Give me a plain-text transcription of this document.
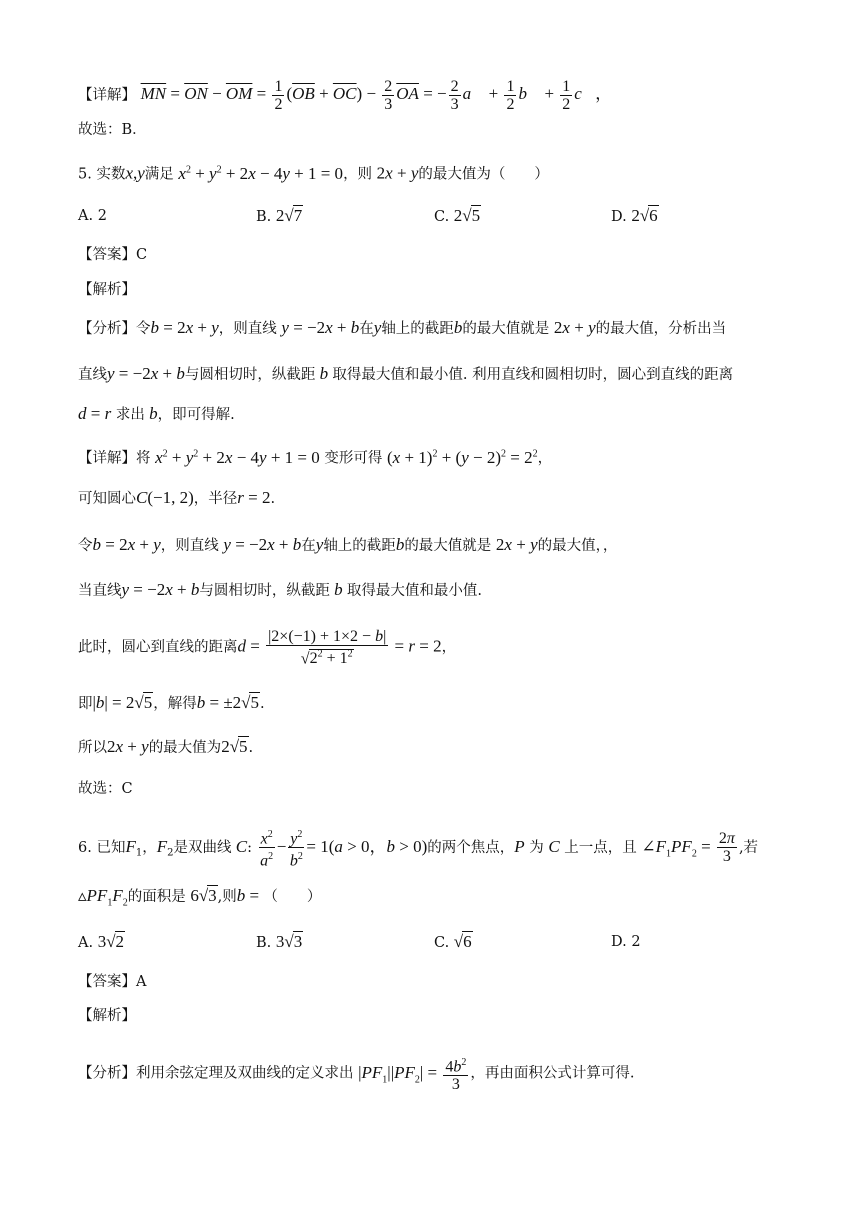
【详解】 $\overline{MN} = \overline{ON} - \overline{OM} = \frac{1}{2} (\overline{OB} + \overline{OC}) - \frac{2}{3} \overline{OA}$ = − $\frac{2}{3}$ a⃗ + $\frac{1}{2}$ b⃗ + $\frac{1}{2}$ c⃗，
故选：B．
5. 实数x,y满足 $x^2 + y^2 + 2x - 4y + 1 = 0$，则 2x + y的最大值为（　　）
A. 2	B. 2√7	C. 2√5	D. 2√6
【答案】C
【解析】
【分析】令b = 2x + y，则直线 y = −2x + b在y轴上的截距b的最大值就是 2x + y的最大值，分析出当
直线y = −2x + b与圆相切时，纵截距 b 取得最大值和最小值. 利用直线和圆相切时，圆心到直线的距离
d = r 求出 b，即可得解.
【详解】将 $x^2 + y^2 + 2x - 4y + 1 = 0$ 变形可得 $(x + 1)^2 + (y - 2)^2 = 2^2$，
可知圆心C(−1, 2)，半径r = 2.
令b = 2x + y，则直线 y = −2x + b在y轴上的截距b的最大值就是 2x + y的最大值，，
当直线y = −2x + b与圆相切时，纵截距 b 取得最大值和最小值.
此时，圆心到直线的距离$d = \frac{|2\times(-1) + 1\times 2 - b|}{√2^2 + 1^2} = r = 2$，
即|b| = 2√5，解得b = ±2√5.
所以2x + y的最大值为2√5.
故选：C
6. 已知$F_1$，$F_2$是双曲线 C: $\frac{x^2}{a^2} - \frac{y^2}{b^2} = 1(a > 0$，b > 0)的两个焦点，P 为 C 上一点，且 $\angle F_1PF_2 = \frac{2\pi}{3}$ ,若
$▵PF_1F_2$的面积是 6√3,则b = （　　）
A. 3√2	B. 3√3	C. √6	D. 2
【答案】A
【解析】
【分析】利用余弦定理及双曲线的定义求出 $|PF_1||PF_2| = \frac{4b^2}{3}$ ，再由面积公式计算可得.
